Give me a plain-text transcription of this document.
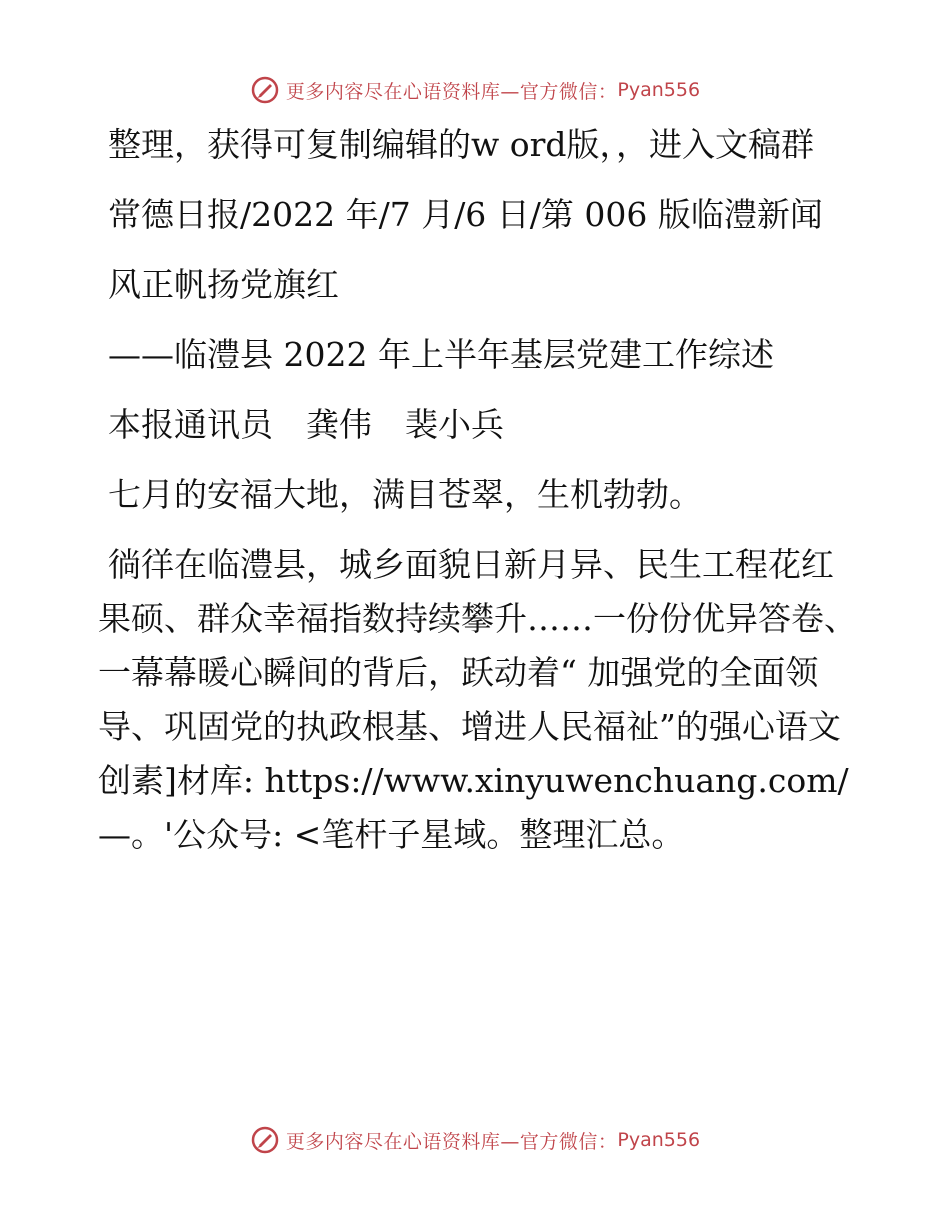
更多内容尽在心语资料库—官方微信： Pyan556

整理，获得可复制编辑的w ord版，，进入文稿群

常德日报/2022 年/7 月/6 日/第 006 版临澧新闻

风正帆扬党旗红

——临澧县 2022 年上半年基层党建工作综述

本报通讯员　龚伟　裴小兵

七月的安福大地，满目苍翠，生机勃勃。

徜徉在临澧县，城乡面貌日新月异、民生工程花红果硕、群众幸福指数持续攀升……一份份优异答卷、一幕幕暖心瞬间的背后，跃动着“ 加强党的全面领导、巩固党的执政根基、增进人民福祉”的强心语文创素]材库: https://www.xinyuwenchuang.com/—。'公众号: <笔杆子星域。整理汇总。

更多内容尽在心语资料库—官方微信： Pyan556
